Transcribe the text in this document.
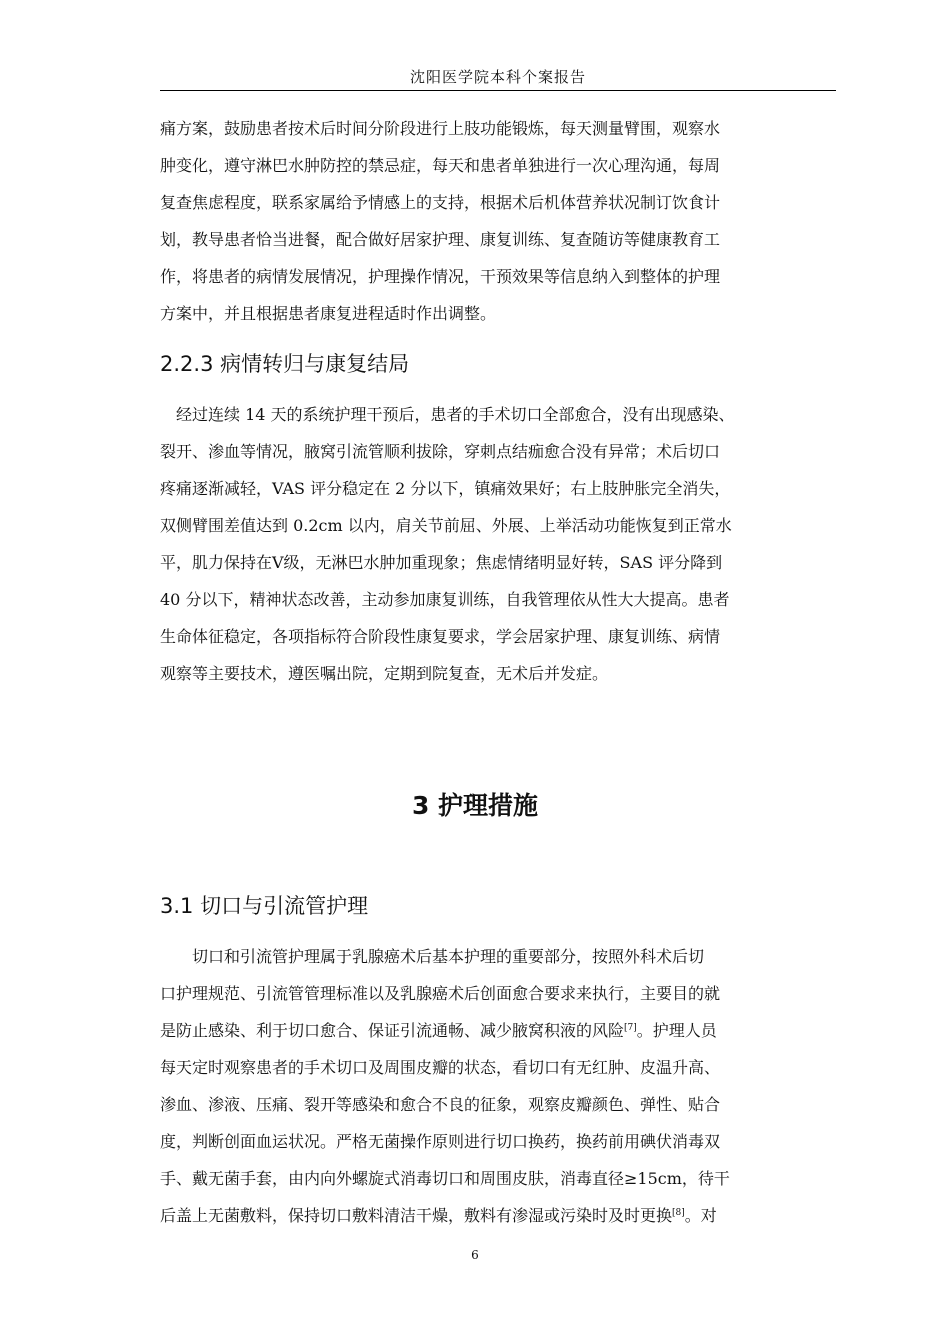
沈阳医学院本科个案报告

痛方案，鼓励患者按术后时间分阶段进行上肢功能锻炼，每天测量臂围，观察水
肿变化，遵守淋巴水肿防控的禁忌症，每天和患者单独进行一次心理沟通，每周
复查焦虑程度，联系家属给予情感上的支持，根据术后机体营养状况制订饮食计
划，教导患者恰当进餐，配合做好居家护理、康复训练、复查随访等健康教育工
作，将患者的病情发展情况，护理操作情况，干预效果等信息纳入到整体的护理
方案中，并且根据患者康复进程适时作出调整。

2.2.3 病情转归与康复结局

　经过连续 14 天的系统护理干预后，患者的手术切口全部愈合，没有出现感染、
裂开、渗血等情况，腋窝引流管顺利拔除，穿刺点结痂愈合没有异常；术后切口
疼痛逐渐减轻，VAS 评分稳定在 2 分以下，镇痛效果好；右上肢肿胀完全消失，
双侧臂围差值达到 0.2cm 以内，肩关节前屈、外展、上举活动功能恢复到正常水
平，肌力保持在Ⅴ级，无淋巴水肿加重现象；焦虑情绪明显好转，SAS 评分降到
40 分以下，精神状态改善，主动参加康复训练，自我管理依从性大大提高。患者
生命体征稳定，各项指标符合阶段性康复要求，学会居家护理、康复训练、病情
观察等主要技术，遵医嘱出院，定期到院复查，无术后并发症。

3 护理措施
3.1 切口与引流管护理

　　切口和引流管护理属于乳腺癌术后基本护理的重要部分，按照外科术后切
口护理规范、引流管管理标准以及乳腺癌术后创面愈合要求来执行，主要目的就
是防止感染、利于切口愈合、保证引流通畅、减少腋窝积液的风险[7]。护理人员
每天定时观察患者的手术切口及周围皮瓣的状态，看切口有无红肿、皮温升高、
渗血、渗液、压痛、裂开等感染和愈合不良的征象，观察皮瓣颜色、弹性、贴合
度，判断创面血运状况。严格无菌操作原则进行切口换药，换药前用碘伏消毒双
手、戴无菌手套，由内向外螺旋式消毒切口和周围皮肤，消毒直径≥15cm，待干
后盖上无菌敷料，保持切口敷料清洁干燥，敷料有渗湿或污染时及时更换[8]。对

6
